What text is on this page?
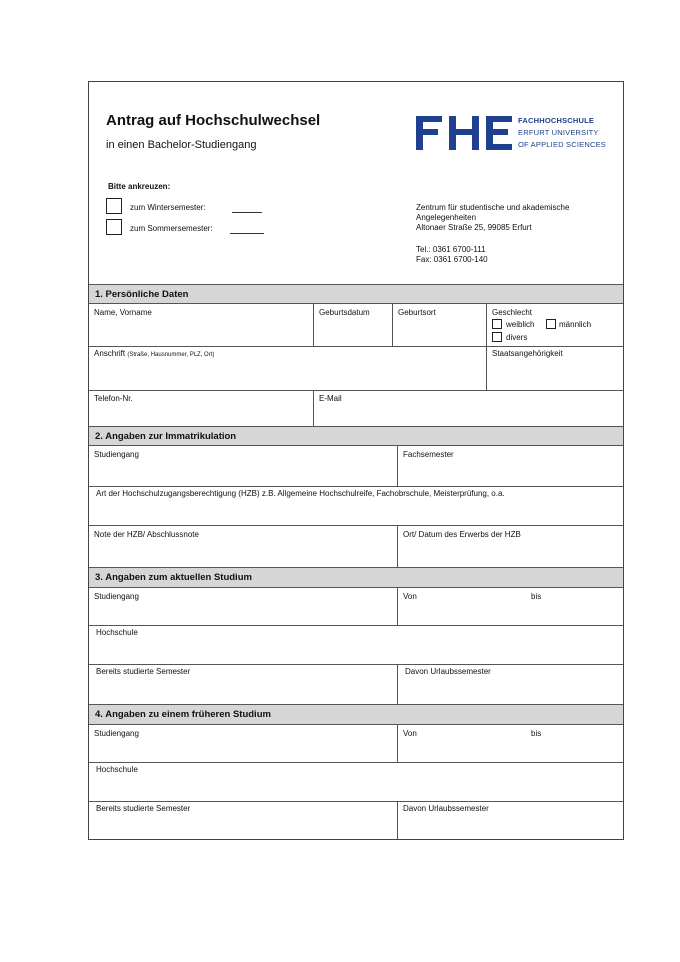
Antrag auf Hochschulwechsel
in einen Bachelor-Studiengang
FACHHOCHSCHULE
ERFURT UNIVERSITY
OF APPLIED SCIENCES
Bitte ankreuzen:
zum Wintersemester:
zum Sommersemester:
Zentrum für studentische und akademische
Angelegenheiten
Altonaer Straße 25, 99085 Erfurt
Tel.: 0361 6700-111
Fax: 0361 6700-140
1. Persönliche Daten
Name, Vorname	Geburtsdatum	Geburtsort	Geschlecht
weiblich	männlich
divers
Anschrift (Straße, Hausnummer, PLZ, Ort)	Staatsangehörigkeit
Telefon-Nr.	E-Mail
2. Angaben zur Immatrikulation
Studiengang	Fachsemester
Art der Hochschulzugangsberechtigung (HZB) z.B. Allgemeine Hochschulreife, Fachobrschule, Meisterprüfung, o.a.
Note der HZB/ Abschlussnote	Ort/ Datum des Erwerbs der HZB
3. Angaben zum aktuellen Studium
Studiengang	Von	bis
Hochschule
Bereits studierte Semester	Davon Urlaubssemester
4. Angaben zu einem früheren Studium
Studiengang	Von	bis
Hochschule
Bereits studierte Semester	Davon Urlaubssemester
